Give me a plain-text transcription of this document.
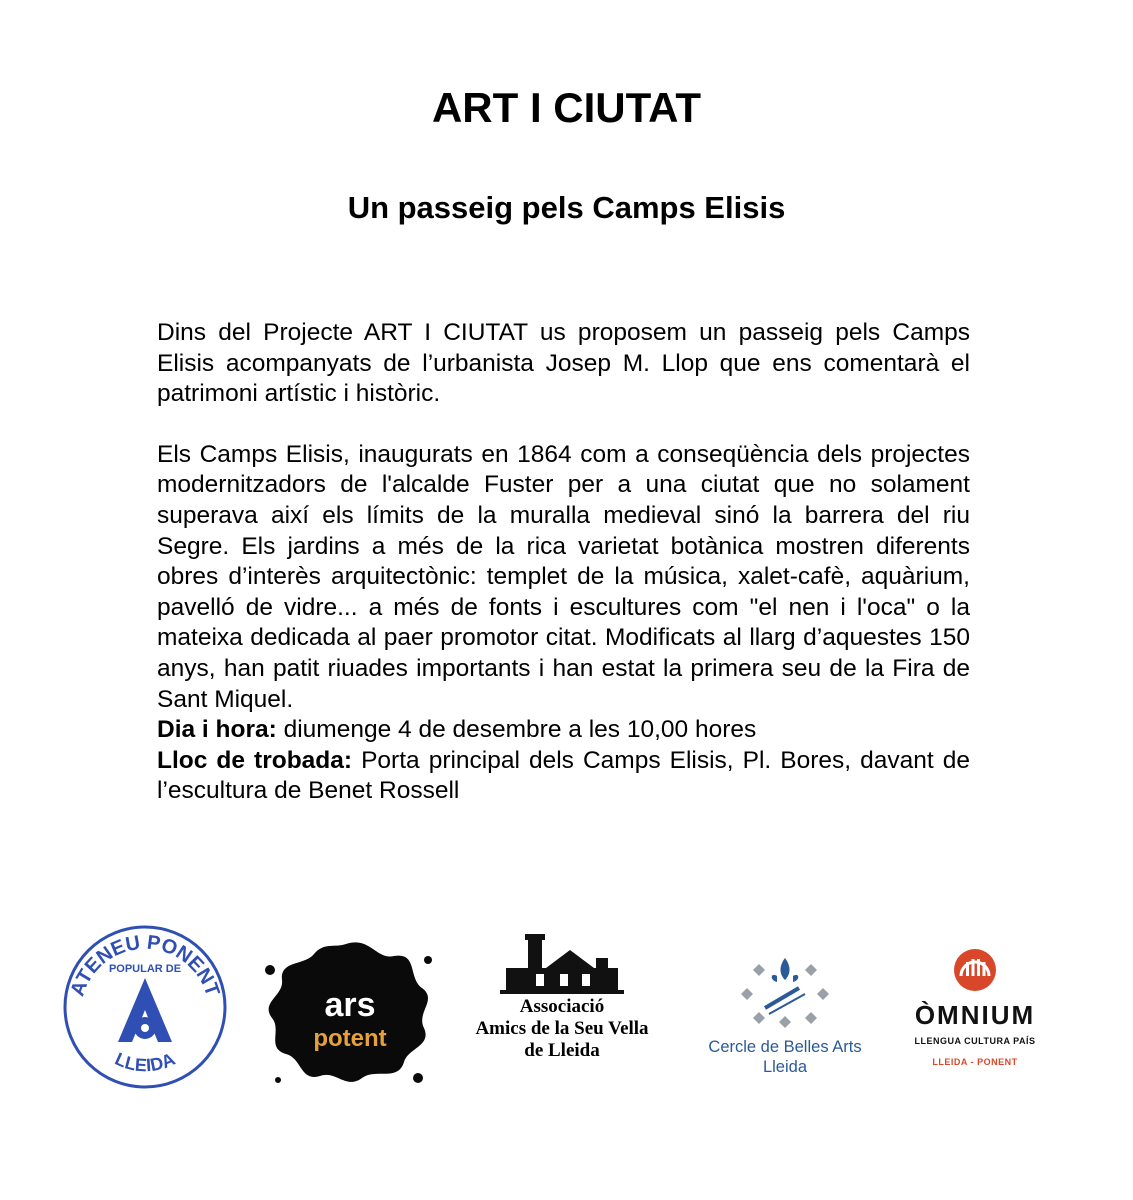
ART I CIUTAT
Un passeig pels Camps Elisis

Dins del Projecte ART I CIUTAT us proposem un passeig pels Camps Elisis acompanyats de l’urbanista Josep M. Llop que ens comentarà el patrimoni artístic i històric.

Els Camps Elisis, inaugurats en 1864 com a conseqüència dels projectes modernitzadors de l'alcalde Fuster per a una ciutat que no solament superava així els límits de la muralla medieval sinó la barrera del riu Segre. Els jardins a més de la rica varietat botànica mostren diferents obres d’interès arquitectònic: templet de la música, xalet-cafè, aquàrium, pavelló de vidre... a més de fonts i escultures com "el nen i l'oca" o la mateixa dedicada al paer promotor citat. Modificats al llarg d’aquestes 150 anys, han patit riuades importants i han estat la primera seu de la Fira de Sant Miquel.

Dia i hora: diumenge 4 de desembre a les 10,00 hores

Lloc de trobada: Porta principal dels Camps Elisis, Pl. Bores, davant de l’escultura de Benet Rossell

ATENEU PONENT
LLEIDA
POPULAR DE
ars
potent
Associació
Amics de la Seu Vella
de Lleida	Cercle de Belles Arts
Lleida
ÒMNIUM
LLENGUA CULTURA PAÍS
LLEIDA - PONENT
